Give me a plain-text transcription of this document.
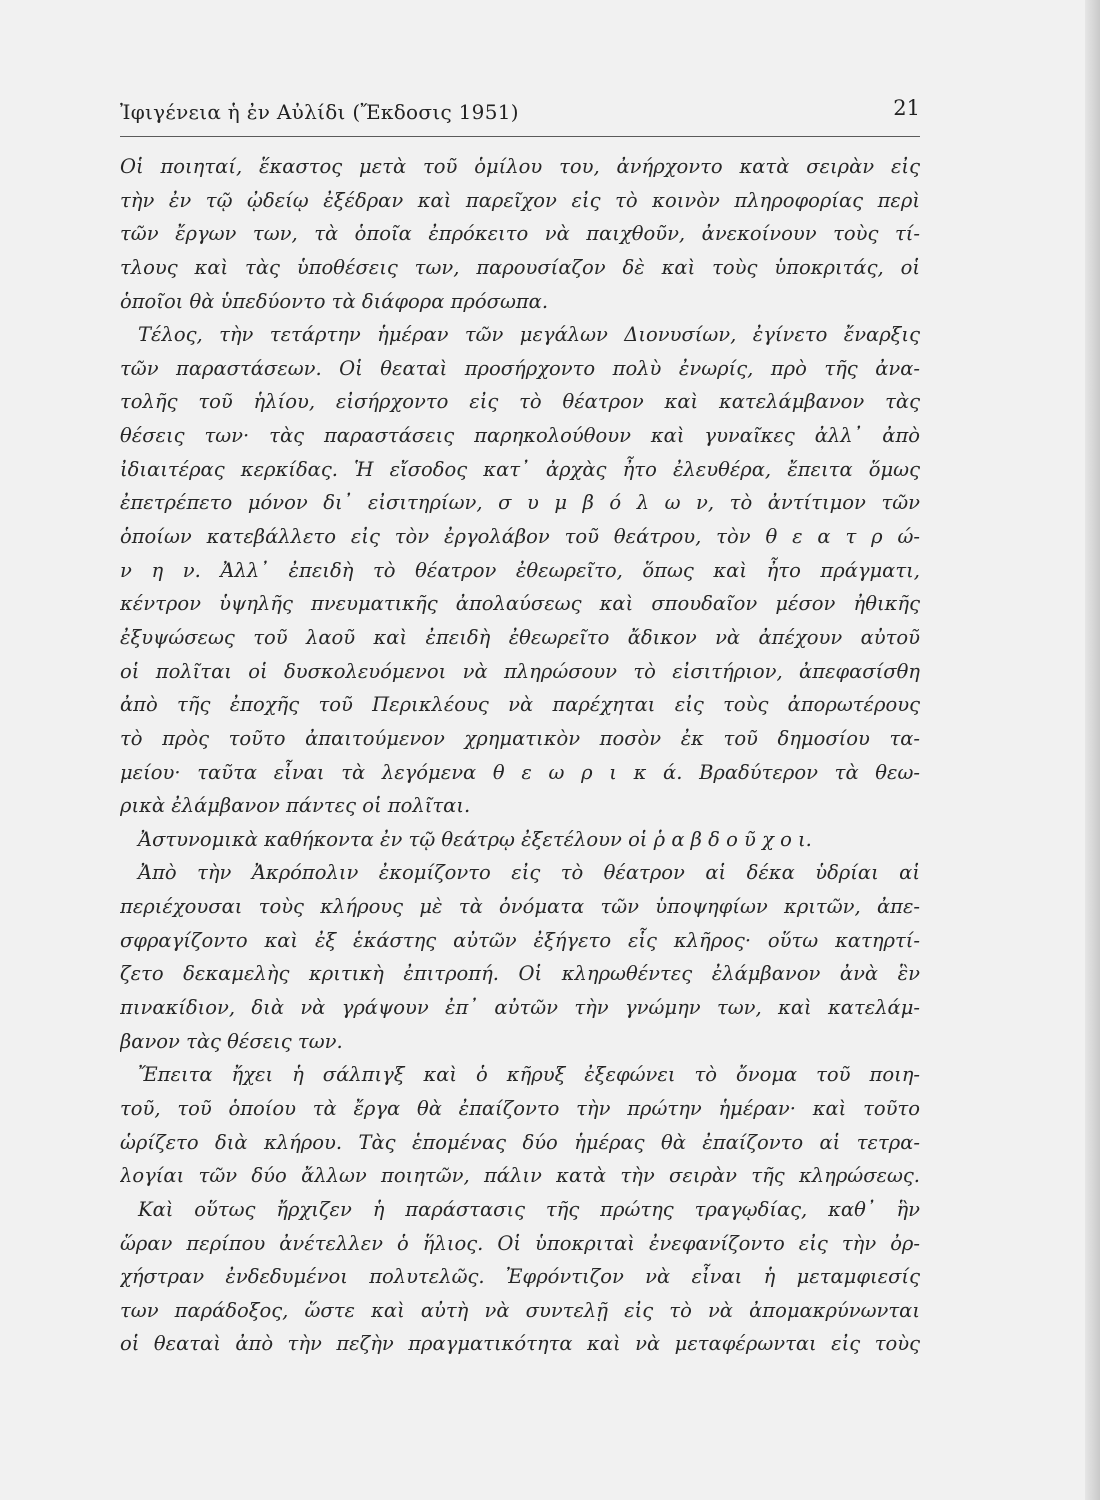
Ἰφιγένεια ἡ ἐν Αὐλίδι (Ἔκδοσις 1951)	21
Οἱ ποιηταί, ἕκαστος μετὰ τοῦ ὁμίλου του, ἀνήρχοντο κατὰ σειρὰν εἰς
τὴν ἐν τῷ ᾠδείῳ ἐξέδραν καὶ παρεῖχον εἰς τὸ κοινὸν πληροφορίας περὶ
τῶν ἔργων των, τὰ ὁποῖα ἐπρόκειτο νὰ παιχθοῦν, ἀνεκοίνουν τοὺς τί-
τλους καὶ τὰς ὑποθέσεις των, παρουσίαζον δὲ καὶ τοὺς ὑποκριτάς, οἱ
ὁποῖοι θὰ ὑπεδύοντο τὰ διάφορα πρόσωπα.
Τέλος, τὴν τετάρτην ἡμέραν τῶν μεγάλων Διονυσίων, ἐγίνετο ἔναρξις
τῶν παραστάσεων. Οἱ θεαταὶ προσήρχοντο πολὺ ἐνωρίς, πρὸ τῆς ἀνα-
τολῆς τοῦ ἡλίου, εἰσήρχοντο εἰς τὸ θέατρον καὶ κατελάμβανον τὰς
θέσεις των· τὰς παραστάσεις παρηκολούθουν καὶ γυναῖκες ἀλλ᾽ ἀπὸ
ἰδιαιτέρας κερκίδας. Ἡ εἴσοδος κατ᾽ ἀρχὰς ἦτο ἐλευθέρα, ἔπειτα ὅμως
ἐπετρέπετο μόνον δι᾽ εἰσιτηρίων, σ υ μ β ό λ ω ν, τὸ ἀντίτιμον τῶν
ὁποίων κατεβάλλετο εἰς τὸν ἐργολάβον τοῦ θεάτρου, τὸν θ ε α τ ρ ώ-
ν η ν. Ἀλλ᾽ ἐπειδὴ τὸ θέατρον ἐθεωρεῖτο, ὅπως καὶ ἦτο πράγματι,
κέντρον ὑψηλῆς πνευματικῆς ἀπολαύσεως καὶ σπουδαῖον μέσον ἠθικῆς
ἐξυψώσεως τοῦ λαοῦ καὶ ἐπειδὴ ἐθεωρεῖτο ἄδικον νὰ ἀπέχουν αὐτοῦ
οἱ πολῖται οἱ δυσκολευόμενοι νὰ πληρώσουν τὸ εἰσιτήριον, ἀπεφασίσθη
ἀπὸ τῆς ἐποχῆς τοῦ Περικλέους νὰ παρέχηται εἰς τοὺς ἀπορωτέρους
τὸ πρὸς τοῦτο ἀπαιτούμενον χρηματικὸν ποσὸν ἐκ τοῦ δημοσίου τα-
μείου· ταῦτα εἶναι τὰ λεγόμενα θ ε ω ρ ι κ ά. Βραδύτερον τὰ θεω-
ρικὰ ἐλάμβανον πάντες οἱ πολῖται.
Ἀστυνομικὰ καθήκοντα ἐν τῷ θεάτρῳ ἐξετέλουν οἱ ῥ α β δ ο ῦ χ ο ι.
Ἀπὸ τὴν Ἀκρόπολιν ἐκομίζοντο εἰς τὸ θέατρον αἱ δέκα ὑδρίαι αἱ
περιέχουσαι τοὺς κλήρους μὲ τὰ ὀνόματα τῶν ὑποψηφίων κριτῶν, ἀπε-
σφραγίζοντο καὶ ἐξ ἑκάστης αὐτῶν ἐξήγετο εἷς κλῆρος· οὕτω κατηρτί-
ζετο δεκαμελὴς κριτικὴ ἐπιτροπή. Οἱ κληρωθέντες ἐλάμβανον ἀνὰ ἓν
πινακίδιον, διὰ νὰ γράψουν ἐπ᾽ αὐτῶν τὴν γνώμην των, καὶ κατελάμ-
βανον τὰς θέσεις των.
Ἔπειτα ἤχει ἡ σάλπιγξ καὶ ὁ κῆρυξ ἐξεφώνει τὸ ὄνομα τοῦ ποιη-
τοῦ, τοῦ ὁποίου τὰ ἔργα θὰ ἐπαίζοντο τὴν πρώτην ἡμέραν· καὶ τοῦτο
ὡρίζετο διὰ κλήρου. Τὰς ἑπομένας δύο ἡμέρας θὰ ἐπαίζοντο αἱ τετρα-
λογίαι τῶν δύο ἄλλων ποιητῶν, πάλιν κατὰ τὴν σειρὰν τῆς κληρώσεως.
Καὶ οὕτως ἤρχιζεν ἡ παράστασις τῆς πρώτης τραγῳδίας, καθ᾽ ἣν
ὥραν περίπου ἀνέτελλεν ὁ ἥλιος. Οἱ ὑποκριταὶ ἐνεφανίζοντο εἰς τὴν ὀρ-
χήστραν ἐνδεδυμένοι πολυτελῶς. Ἐφρόντιζον νὰ εἶναι ἡ μεταμφιεσίς
των παράδοξος, ὥστε καὶ αὐτὴ νὰ συντελῇ εἰς τὸ νὰ ἀπομακρύνωνται
οἱ θεαταὶ ἀπὸ τὴν πεζὴν πραγματικότητα καὶ νὰ μεταφέρωνται εἰς τοὺς
